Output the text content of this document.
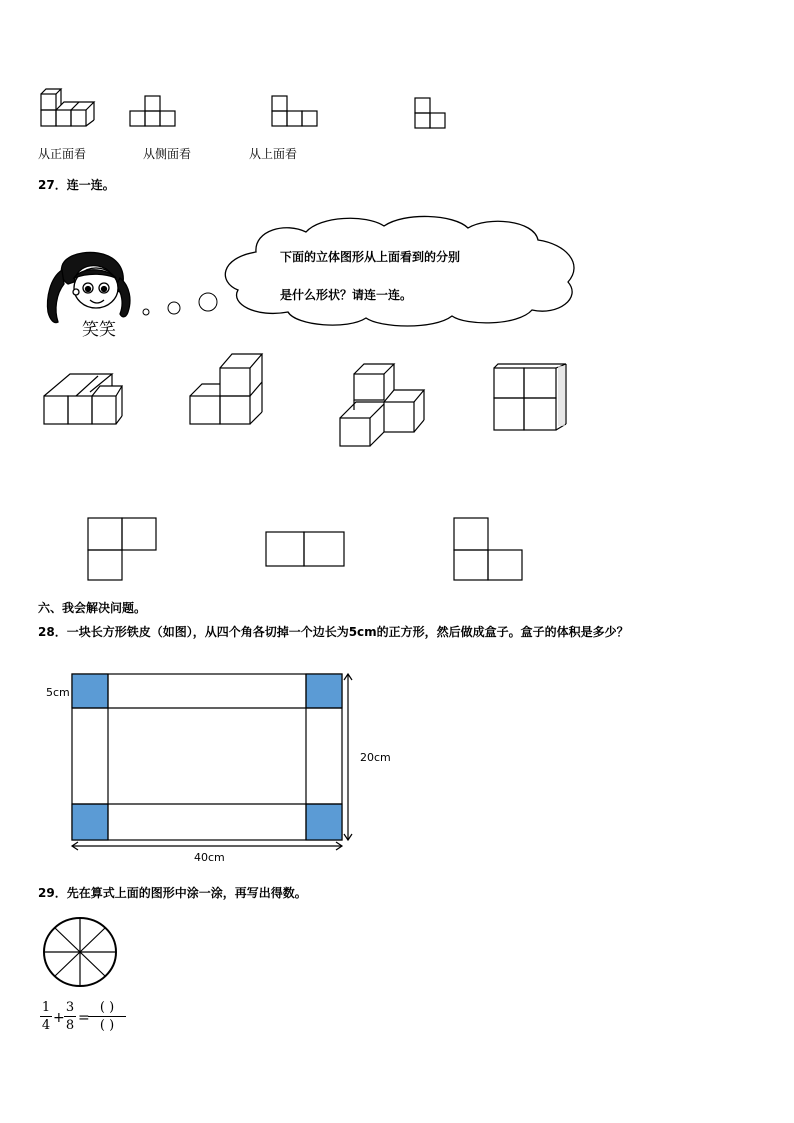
从正面看	从侧面看	从上面看
27．连一连。
笑笑
下面的立体图形从上面看到的分别
是什么形状？请连一连。
六、我会解决问题。
28．一块长方形铁皮（如图），从四个角各切掉一个边长为5cm的正方形，然后做成盒子。盒子的体积是多少？
5cm
20cm
40cm
29．先在算式上面的图形中涂一涂，再写出得数。
1
4 +
3
8 =
( )
( )
